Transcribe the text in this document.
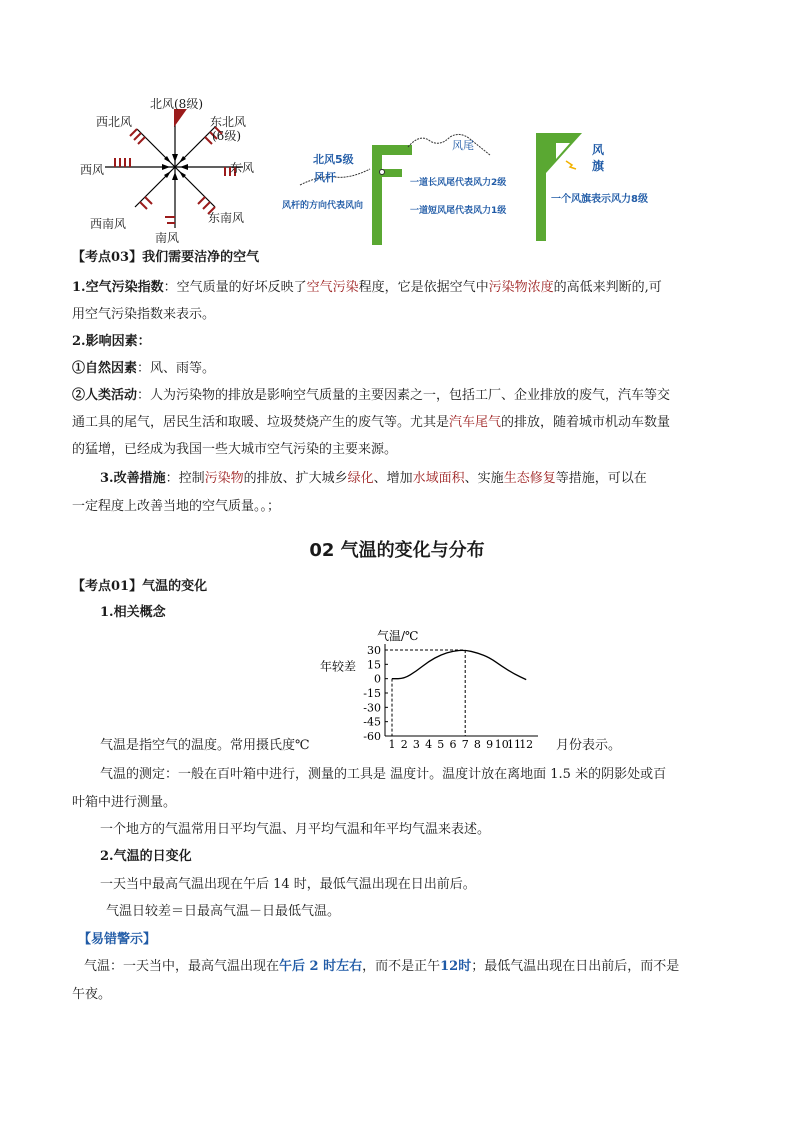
北风(8级)
东北风
(6级)
西北风
西风	东风
西南风	东南风
南风
北风5级
风杆
风尾
风杆的方向代表风向
一道长风尾代表风力2级
一道短风尾代表风力1级
风
旗
一个风旗表示风力8级
【考点03】我们需要洁净的空气
1.空气污染指数：空气质量的好坏反映了空气污染程度，它是依据空气中污染物浓度的高低来判断的,可
用空气污染指数来表示。
2.影响因素：
①自然因素：风、雨等。
②人类活动：人为污染物的排放是影响空气质量的主要因素之一，包括工厂、企业排放的废气，汽车等交
通工具的尾气，居民生活和取暖、垃圾焚烧产生的废气等。尤其是汽车尾气的排放，随着城市机动车数量
的猛增，已经成为我国一些大城市空气污染的主要来源。
3.改善措施：控制污染物的排放、扩大城乡绿化、增加水域面积、实施生态修复等措施，可以在
一定程度上改善当地的空气质量。。；
02 气温的变化与分布
【考点01】气温的变化
1.相关概念
气温/℃
30
15
0
-15
-30
-45
-60
1 2 3 4 5 6 7 8 9 10
11
12
年较差
气温是指空气的温度。常用摄氏度℃	月份表示。
气温的测定：一般在百叶箱中进行，测量的工具是 温度计。温度计放在离地面 1.5 米的阴影处或百
叶箱中进行测量。
一个地方的气温常用日平均气温、月平均气温和年平均气温来表述。
2.气温的日变化
一天当中最高气温出现在午后 14 时，最低气温出现在日出前后。
气温日较差＝日最高气温－日最低气温。
【易错警示】
气温：一天当中，最高气温出现在午后 2 时左右，而不是正午12时；最低气温出现在日出前后，而不是
午夜。
